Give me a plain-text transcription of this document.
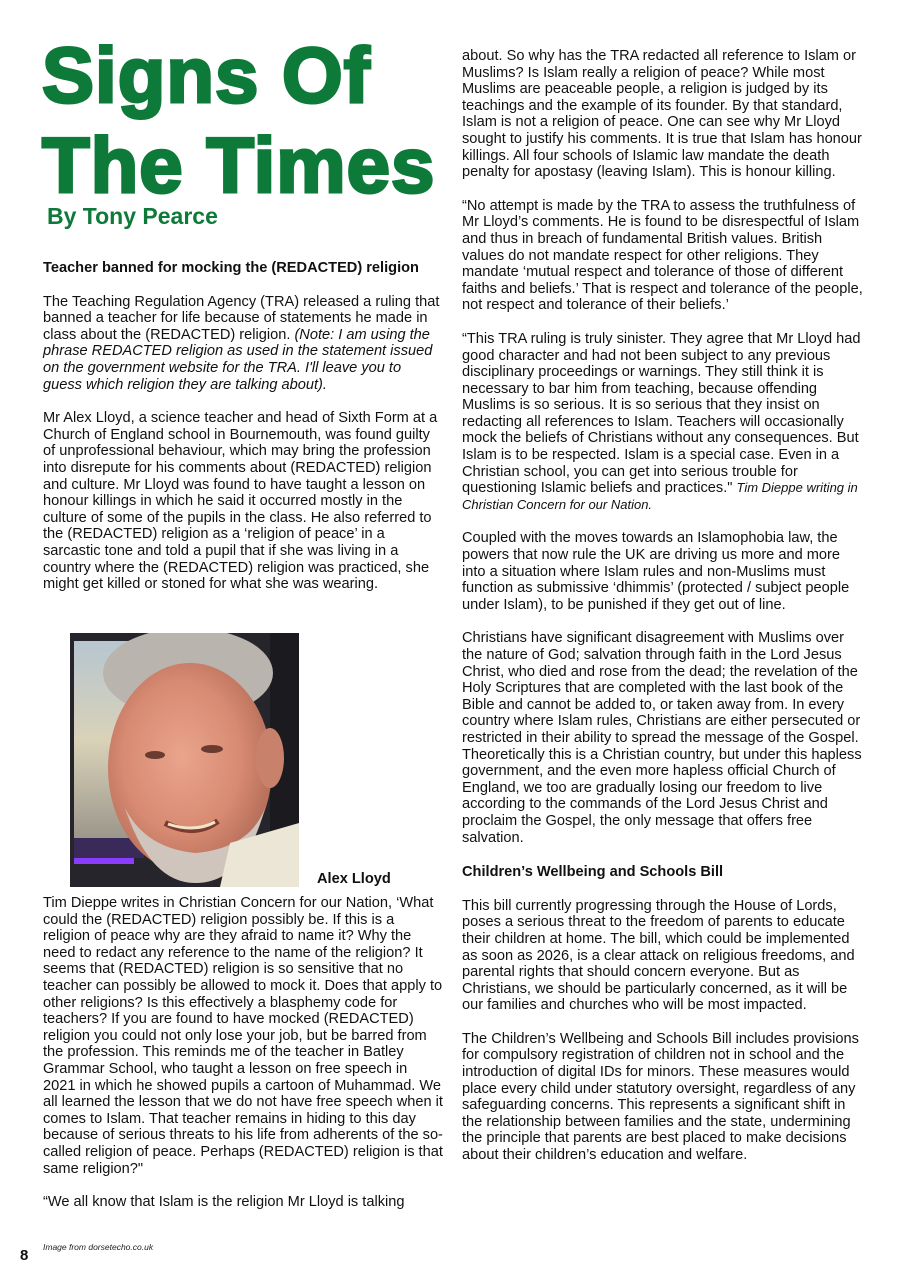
Signs Of
The Times
By Tony Pearce

Teacher banned for mocking the (REDACTED) religion

The Teaching Regulation Agency (TRA) released a ruling that banned a teacher for life because of statements he made in class about the (REDACTED) religion. (Note: I am using the phrase REDACTED religion as used in the statement issued on the government website for the TRA. I'll leave you to guess which religion they are talking about).

Mr Alex Lloyd, a science teacher and head of Sixth Form at a Church of England school in Bournemouth, was found guilty of unprofessional behaviour, which may bring the profession into disrepute for his comments about (REDACTED) religion and culture. Mr Lloyd was found to have taught a lesson on honour killings in which he said it occurred mostly in the culture of some of the pupils in the class. He also referred to the (REDACTED) religion as a ‘religion of peace’ in a sarcastic tone and told a pupil that if she was living in a country where the (REDACTED) religion was practiced, she might get killed or stoned for what she was wearing.

Alex Lloyd

Tim Dieppe writes in Christian Concern for our Nation, ‘What could the (REDACTED) religion possibly be. If this is a religion of peace why are they afraid to name it? Why the need to redact any reference to the name of the religion? It seems that (REDACTED) religion is so sensitive that no teacher can possibly be allowed to mock it. Does that apply to other religions? Is this effectively a blasphemy code for teachers? If you are found to have mocked (REDACTED) religion you could not only lose your job, but be barred from the profession. This reminds me of the teacher in Batley Grammar School, who taught a lesson on free speech in 2021 in which he showed pupils a cartoon of Muhammad. We all learned the lesson that we do not have free speech when it comes to Islam. That teacher remains in hiding to this day because of serious threats to his life from adherents of the so-called religion of peace. Perhaps (REDACTED) religion is that same religion?"

“We all know that Islam is the religion Mr Lloyd is talking

about. So why has the TRA redacted all reference to Islam or Muslims? Is Islam really a religion of peace? While most Muslims are peaceable people, a religion is judged by its teachings and the example of its founder. By that standard, Islam is not a religion of peace. One can see why Mr Lloyd sought to justify his comments. It is true that Islam has honour killings. All four schools of Islamic law mandate the death penalty for apostasy (leaving Islam). This is honour killing.

“No attempt is made by the TRA to assess the truthfulness of Mr Lloyd’s comments. He is found to be disrespectful of Islam and thus in breach of fundamental British values. British values do not mandate respect for other religions. They mandate ‘mutual respect and tolerance of those of different faiths and beliefs.’ That is respect and tolerance of the people, not respect and tolerance of their beliefs.’

“This TRA ruling is truly sinister. They agree that Mr Lloyd had good character and had not been subject to any previous disciplinary proceedings or warnings. They still think it is necessary to bar him from teaching, because offending Muslims is so serious. It is so serious that they insist on redacting all references to Islam. Teachers will occasionally mock the beliefs of Christians without any consequences. But Islam is to be respected. Islam is a special case. Even in a Christian school, you can get into serious trouble for questioning Islamic beliefs and practices." Tim Dieppe writing in Christian Concern for our Nation.

Coupled with the moves towards an Islamophobia law, the powers that now rule the UK are driving us more and more into a situation where Islam rules and non-Muslims must function as submissive ‘dhimmis’ (protected / subject people under Islam), to be punished if they get out of line.

Christians have significant disagreement with Muslims over the nature of God; salvation through faith in the Lord Jesus Christ, who died and rose from the dead; the revelation of the Holy Scriptures that are completed with the last book of the Bible and cannot be added to, or taken away from. In every country where Islam rules, Christians are either persecuted or restricted in their ability to spread the message of the Gospel. Theoretically this is a Christian country, but under this hapless government, and the even more hapless official Church of England, we too are gradually losing our freedom to live according to the commands of the Lord Jesus Christ and proclaim the Gospel, the only message that offers free salvation.

Children’s Wellbeing and Schools Bill

This bill currently progressing through the House of Lords, poses a serious threat to the freedom of parents to educate their children at home. The bill, which could be implemented as soon as 2026, is a clear attack on religious freedoms, and parental rights that should concern everyone. But as Christians, we should be particularly concerned, as it will be our families and churches who will be most impacted.

The Children’s Wellbeing and Schools Bill includes provisions for compulsory registration of children not in school and the introduction of digital IDs for minors. These measures would place every child under statutory oversight, regardless of any safeguarding concerns. This represents a significant shift in the relationship between families and the state, undermining the principle that parents are best placed to make decisions about their children’s education and welfare.

8 Image from dorsetecho.co.uk
